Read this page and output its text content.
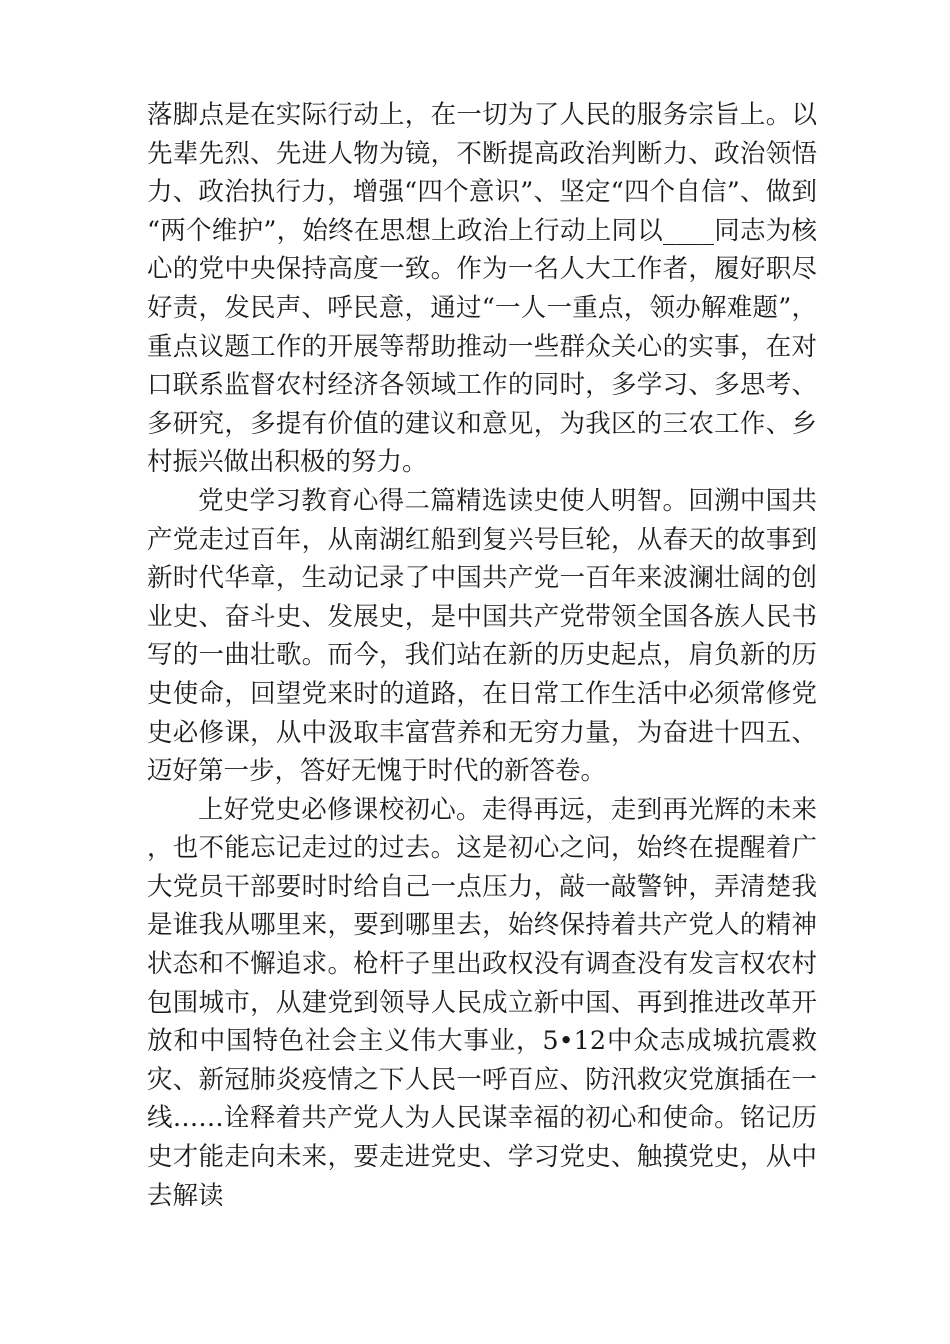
落脚点是在实际行动上，在一切为了人民的服务宗旨上。以先辈先烈、先进人物为镜，不断提高政治判断力、政治领悟力、政治执行力，增强“四个意识”、坚定“四个自信”、做到“两个维护”，始终在思想上政治上行动上同以____同志为核心的党中央保持高度一致。作为一名人大工作者，履好职尽好责，发民声、呼民意，通过“一人一重点，领办解难题”，重点议题工作的开展等帮助推动一些群众关心的实事，在对口联系监督农村经济各领域工作的同时，多学习、多思考、多研究，多提有价值的建议和意见，为我区的三农工作、乡村振兴做出积极的努力。

党史学习教育心得二篇精选读史使人明智。回溯中国共产党走过百年，从南湖红船到复兴号巨轮，从春天的故事到新时代华章，生动记录了中国共产党一百年来波澜壮阔的创业史、奋斗史、发展史，是中国共产党带领全国各族人民书写的一曲壮歌。而今，我们站在新的历史起点，肩负新的历史使命，回望党来时的道路，在日常工作生活中必须常修党史必修课，从中汲取丰富营养和无穷力量，为奋进十四五、迈好第一步，答好无愧于时代的新答卷。

上好党史必修课校初心。走得再远，走到再光辉的未来，也不能忘记走过的过去。这是初心之问，始终在提醒着广大党员干部要时时给自己一点压力，敲一敲警钟，弄清楚我是谁我从哪里来，要到哪里去，始终保持着共产党人的精神状态和不懈追求。枪杆子里出政权没有调查没有发言权农村包围城市，从建党到领导人民成立新中国、再到推进改革开放和中国特色社会主义伟大事业，5•12中众志成城抗震救灾、新冠肺炎疫情之下人民一呼百应、防汛救灾党旗插在一线……诠释着共产党人为人民谋幸福的初心和使命。铭记历史才能走向未来，要走进党史、学习党史、触摸党史，从中去解读
